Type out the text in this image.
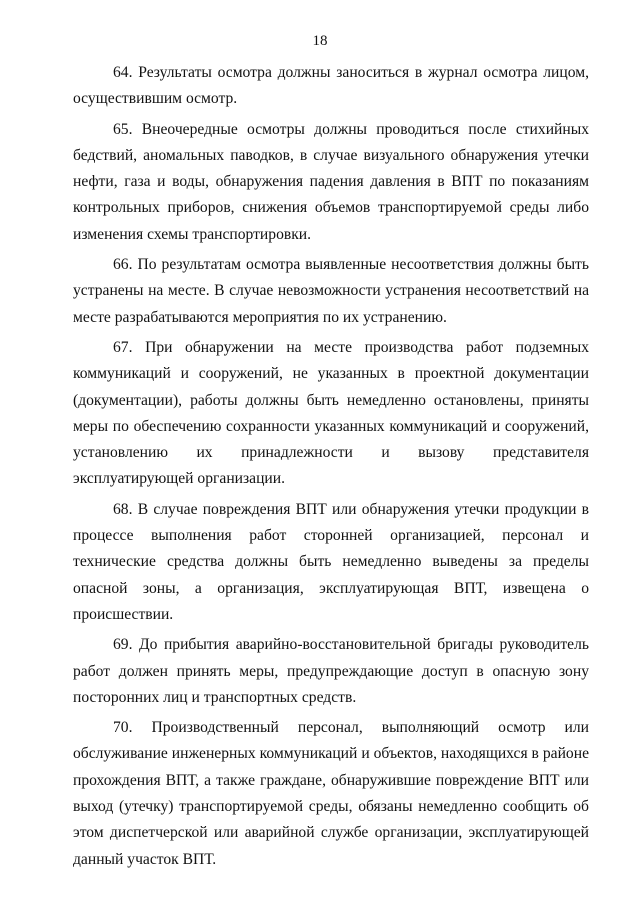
18

64. Результаты осмотра должны заноситься в журнал осмотра лицом, осуществившим осмотр.

65. Внеочередные осмотры должны проводиться после стихийных бедствий, аномальных паводков, в случае визуального обнаружения утечки нефти, газа и воды, обнаружения падения давления в ВПТ по показаниям контрольных приборов, снижения объемов транспортируемой среды либо изменения схемы транспортировки.

66. По результатам осмотра выявленные несоответствия должны быть устранены на месте. В случае невозможности устранения несоответствий на месте разрабатываются мероприятия по их устранению.

67. При обнаружении на месте производства работ подземных коммуникаций и сооружений, не указанных в проектной документации (документации), работы должны быть немедленно остановлены, приняты меры по обеспечению сохранности указанных коммуникаций и сооружений, установлению их принадлежности и вызову представителя эксплуатирующей организации.

68. В случае повреждения ВПТ или обнаружения утечки продукции в процессе выполнения работ сторонней организацией, персонал и технические средства должны быть немедленно выведены за пределы опасной зоны, а организация, эксплуатирующая ВПТ, извещена о происшествии.

69. До прибытия аварийно-восстановительной бригады руководитель работ должен принять меры, предупреждающие доступ в опасную зону посторонних лиц и транспортных средств.

70. Производственный персонал, выполняющий осмотр или обслуживание инженерных коммуникаций и объектов, находящихся в районе прохождения ВПТ, а также граждане, обнаружившие повреждение ВПТ или выход (утечку) транспортируемой среды, обязаны немедленно сообщить об этом диспетчерской или аварийной службе организации, эксплуатирующей данный участок ВПТ.
